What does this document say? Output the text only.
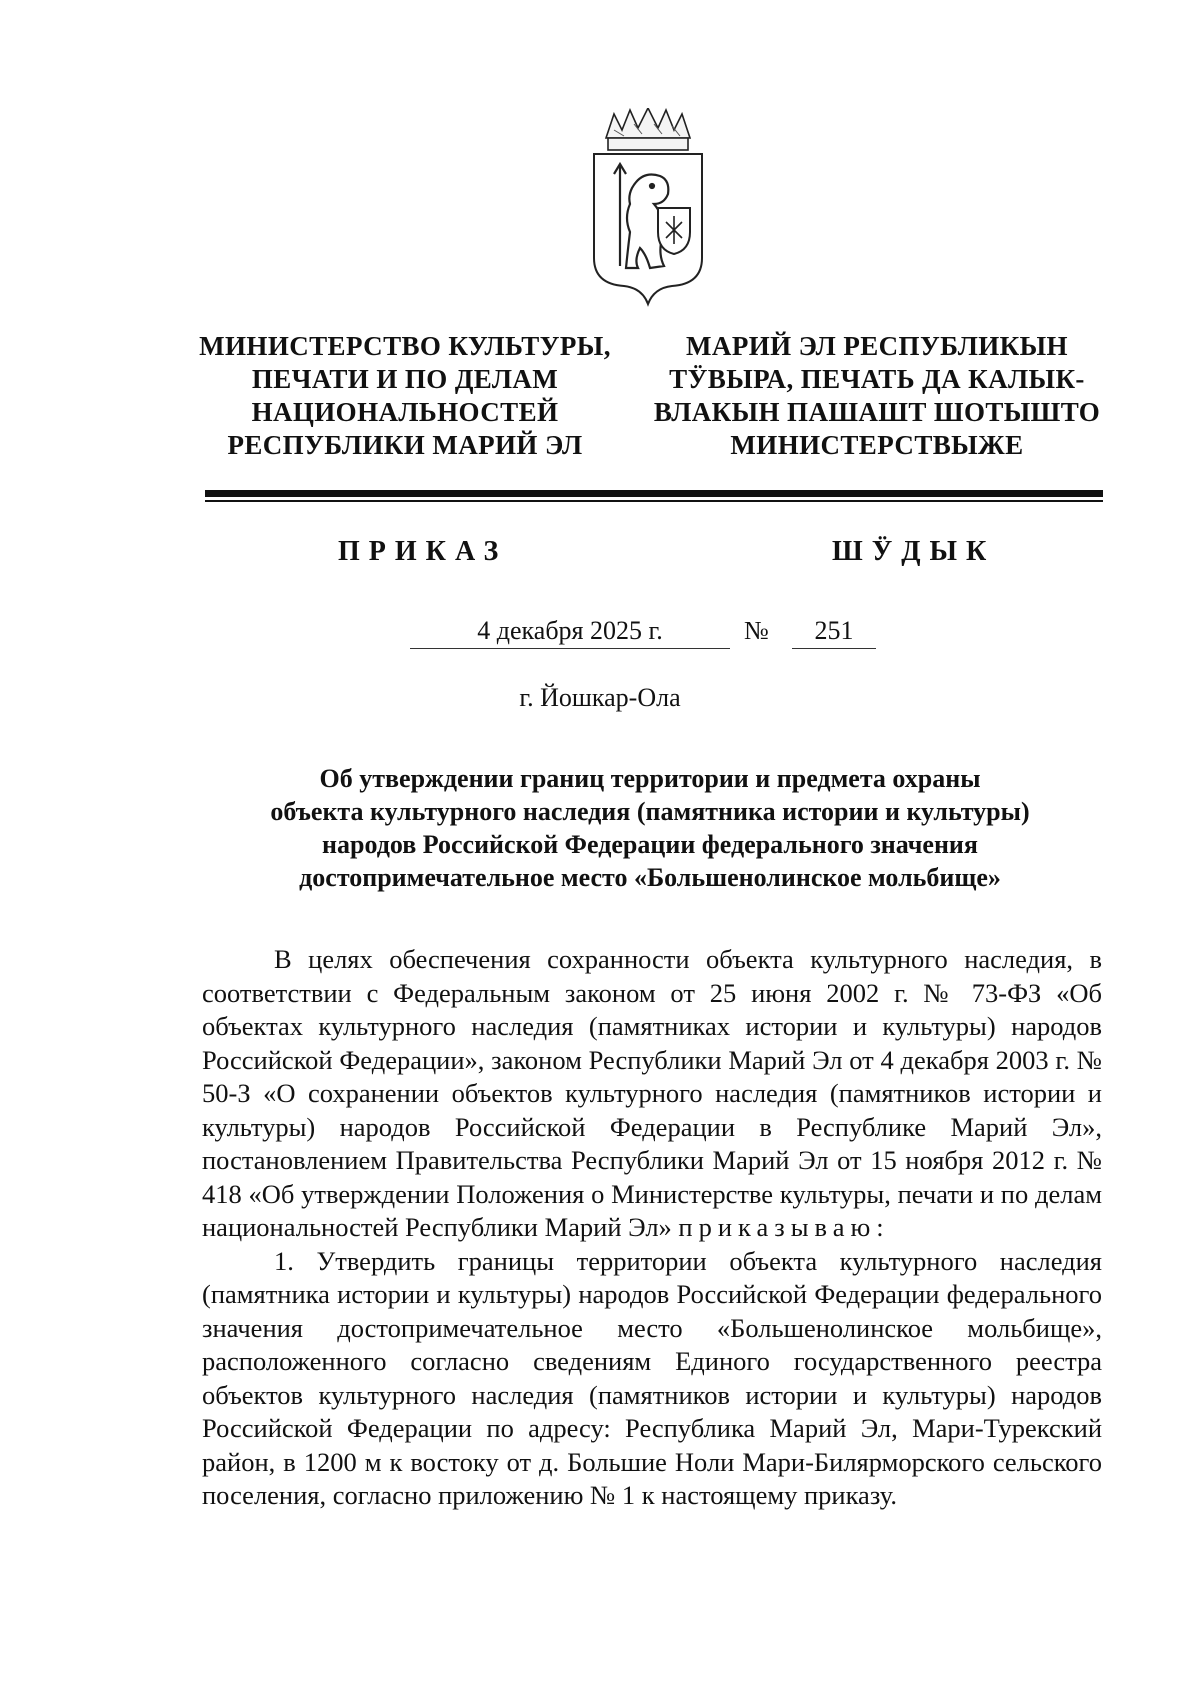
МИНИСТЕРСТВО КУЛЬТУРЫ,
ПЕЧАТИ И ПО ДЕЛАМ
НАЦИОНАЛЬНОСТЕЙ
РЕСПУБЛИКИ МАРИЙ ЭЛ
МАРИЙ ЭЛ РЕСПУБЛИКЫН
ТӰВЫРА, ПЕЧАТЬ ДА КАЛЫК-
ВЛАКЫН ПАШАШТ ШОТЫШТО
МИНИСТЕРСТВЫЖЕ
ПРИКАЗ	ШӰДЫК
4 декабря 2025 г.	№	251
г. Йошкар-Ола
Об утверждении границ территории и предмета охраны
объекта культурного наследия (памятника истории и культуры)
народов Российской Федерации федерального значения
достопримечательное место «Большенолинское мольбище»

В целях обеспечения сохранности объекта культурного наследия, в соответствии с Федеральным законом от 25 июня 2002 г. № 73-ФЗ «Об объектах культурного наследия (памятниках истории и культуры) народов Российской Федерации», законом Республики Марий Эл от 4 декабря 2003 г. № 50-З «О сохранении объектов культурного наследия (памятников истории и культуры) народов Российской Федерации в Республике Марий Эл», постановлением Правительства Республики Марий Эл от 15 ноября 2012 г. № 418 «Об утверждении Положения о Министерстве культуры, печати и по делам национальностей Республики Марий Эл» приказываю:

1. Утвердить границы территории объекта культурного наследия (памятника истории и культуры) народов Российской Федерации федерального значения достопримечательное место «Большенолинское мольбище», расположенного согласно сведениям Единого государственного реестра объектов культурного наследия (памятников истории и культуры) народов Российской Федерации по адресу: Республика Марий Эл, Мари-Турекский район, в 1200 м к востоку от д. Большие Ноли Мари-Билярморского сельского поселения, согласно приложению № 1 к настоящему приказу.
